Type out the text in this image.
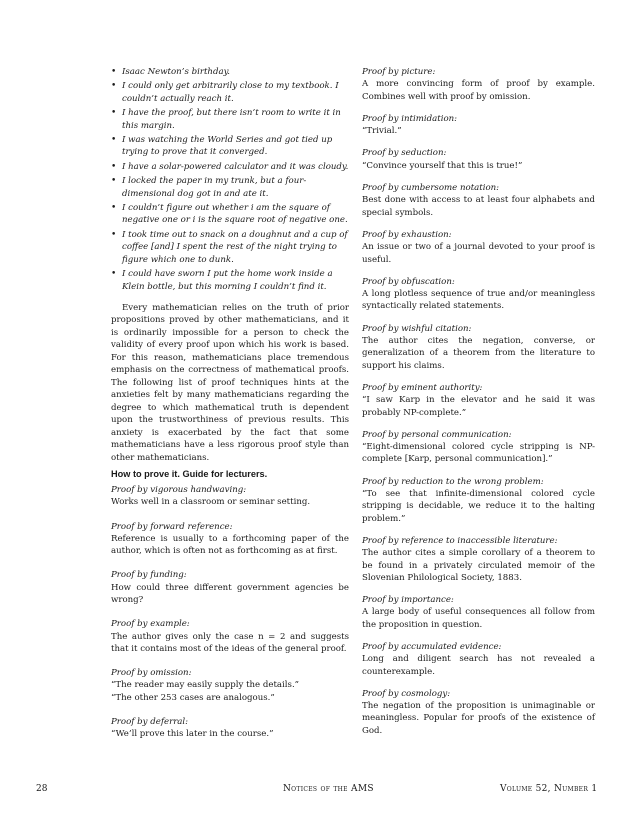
• Isaac Newton’s birthday.
• I could only get arbitrarily close to my textbook. I couldn’t actually reach it.
• I have the proof, but there isn’t room to write it in this margin.
• I was watching the World Series and got tied up trying to prove that it converged.
• I have a solar-powered calculator and it was cloudy.
• I locked the paper in my trunk, but a four-dimensional dog got in and ate it.
• I couldn’t figure out whether i am the square of negative one or i is the square root of negative one.
• I took time out to snack on a doughnut and a cup of coffee [and] I spent the rest of the night trying to figure which one to dunk.
• I could have sworn I put the home work inside a Klein bottle, but this morning I couldn’t find it.

Every mathematician relies on the truth of prior propositions proved by other mathematicians, and it is ordinarily impossible for a person to check the validity of every proof upon which his work is based. For this reason, mathematicians place tremendous emphasis on the correctness of mathematical proofs. The following list of proof techniques hints at the anxieties felt by many mathematicians regarding the degree to which mathematical truth is dependent upon the trustworthiness of previous results. This anxiety is exacerbated by the fact that some mathematicians have a less rigorous proof style than other mathematicians.

How to prove it. Guide for lecturers.

Proof by vigorous handwaving:
Works well in a classroom or seminar setting.
Proof by forward reference:
Reference is usually to a forthcoming paper of the author, which is often not as forthcoming as at first.
Proof by funding:
How could three different government agencies be wrong?
Proof by example:
The author gives only the case n = 2 and suggests that it contains most of the ideas of the general proof.
Proof by omission:
“The reader may easily supply the details.”
“The other 253 cases are analogous.”
Proof by deferral:
“We’ll prove this later in the course.”
Proof by picture:
A more convincing form of proof by example. Combines well with proof by omission.
Proof by intimidation:
“Trivial.”
Proof by seduction:
“Convince yourself that this is true!”
Proof by cumbersome notation:
Best done with access to at least four alphabets and special symbols.
Proof by exhaustion:
An issue or two of a journal devoted to your proof is useful.
Proof by obfuscation:
A long plotless sequence of true and/or meaningless syntactically related statements.
Proof by wishful citation:
The author cites the negation, converse, or generalization of a theorem from the literature to support his claims.
Proof by eminent authority:
“I saw Karp in the elevator and he said it was probably NP-complete.”
Proof by personal communication:
“Eight-dimensional colored cycle stripping is NP-complete [Karp, personal communication].”
Proof by reduction to the wrong problem:
“To see that infinite-dimensional colored cycle stripping is decidable, we reduce it to the halting problem.”
Proof by reference to inaccessible literature:
The author cites a simple corollary of a theorem to be found in a privately circulated memoir of the Slovenian Philological Society, 1883.
Proof by importance:
A large body of useful consequences all follow from the proposition in question.
Proof by accumulated evidence:
Long and diligent search has not revealed a counterexample.
Proof by cosmology:
The negation of the proposition is unimaginable or meaningless. Popular for proofs of the existence of God.
28	Notices of the AMS	Volume 52, Number 1
